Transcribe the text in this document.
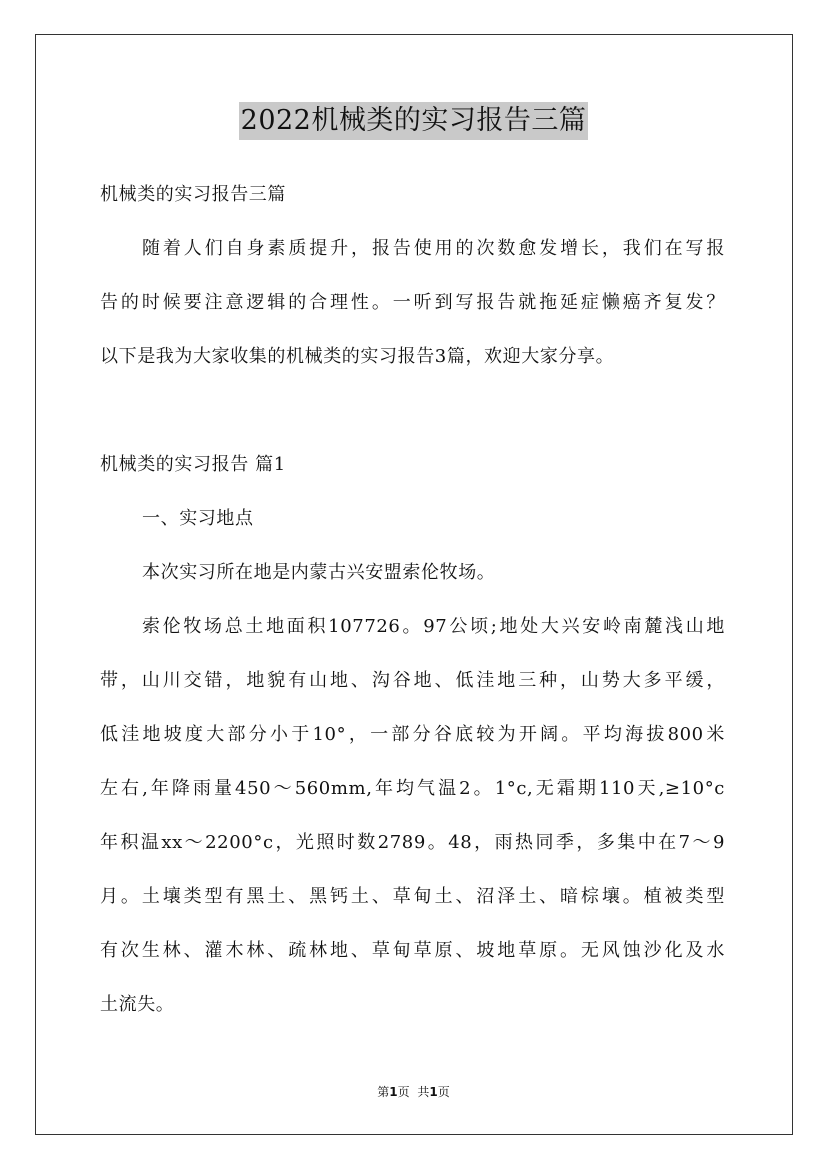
2022机械类的实习报告三篇
机械类的实习报告三篇
随着人们自身素质提升，报告使用的次数愈发增长，我们在写报
告的时候要注意逻辑的合理性。一听到写报告就拖延症懒癌齐复发？
以下是我为大家收集的机械类的实习报告3篇，欢迎大家分享。
机械类的实习报告 篇1
一、实习地点
本次实习所在地是内蒙古兴安盟索伦牧场。
索伦牧场总土地面积107726。97公顷;地处大兴安岭南麓浅山地
带，山川交错，地貌有山地、沟谷地、低洼地三种，山势大多平缓，
低洼地坡度大部分小于10°，一部分谷底较为开阔。平均海拔800米
左右,年降雨量450～560mm,年均气温2。1°c,无霜期110天,≥10°c
年积温xx～2200°c，光照时数2789。48，雨热同季，多集中在7～9
月。土壤类型有黑土、黑钙土、草甸土、沼泽土、暗棕壤。植被类型
有次生林、灌木林、疏林地、草甸草原、坡地草原。无风蚀沙化及水
土流失。
第1页 共1页
